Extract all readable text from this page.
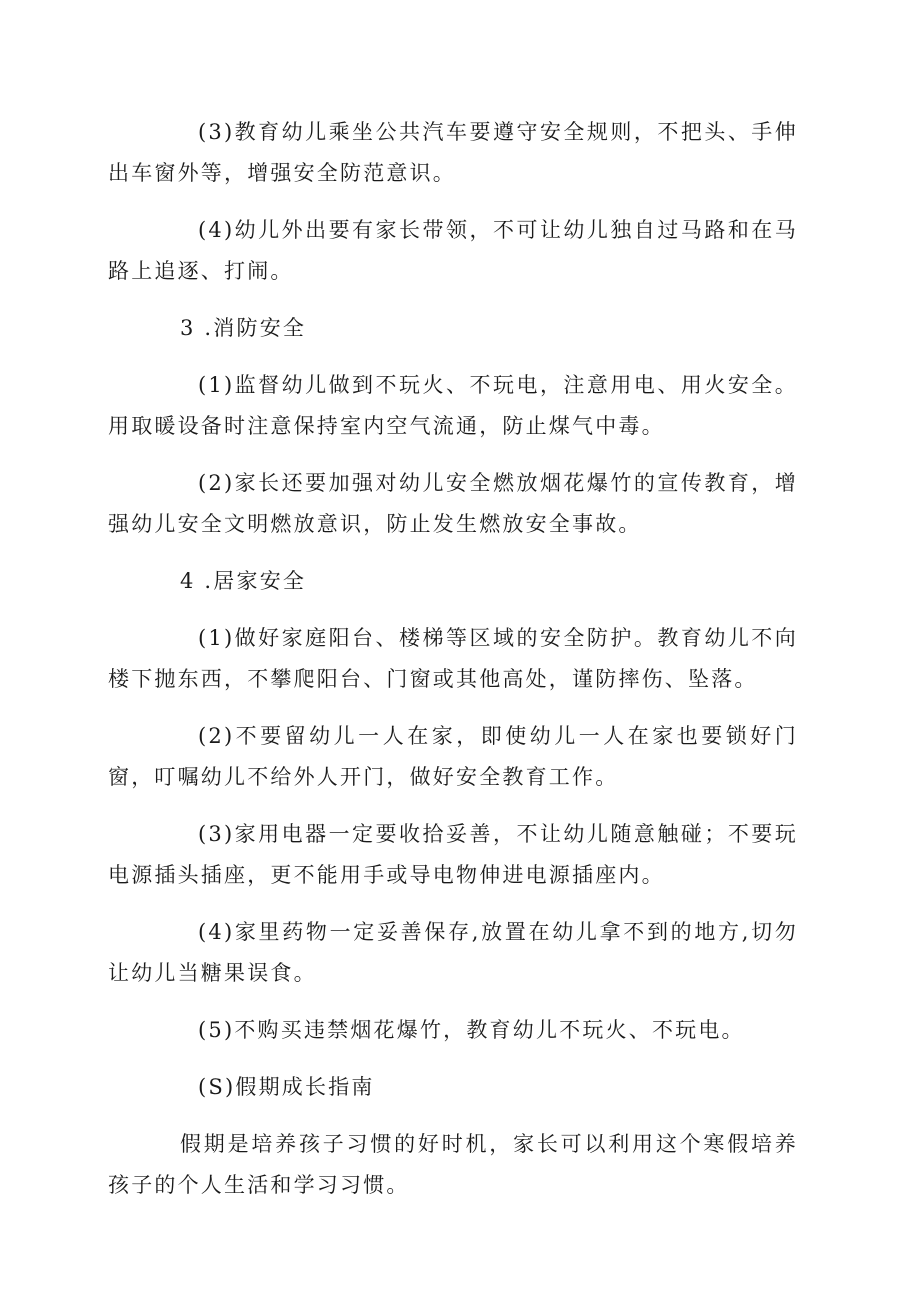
(3)教育幼儿乘坐公共汽车要遵守安全规则，不把头、手伸出车窗外等，增强安全防范意识。

(4)幼儿外出要有家长带领，不可让幼儿独自过马路和在马路上追逐、打闹。

3 .消防安全

(1)监督幼儿做到不玩火、不玩电，注意用电、用火安全。用取暖设备时注意保持室内空气流通，防止煤气中毒。

(2)家长还要加强对幼儿安全燃放烟花爆竹的宣传教育，增强幼儿安全文明燃放意识，防止发生燃放安全事故。

4 .居家安全

(1)做好家庭阳台、楼梯等区域的安全防护。教育幼儿不向楼下抛东西，不攀爬阳台、门窗或其他高处，谨防摔伤、坠落。

(2)不要留幼儿一人在家，即使幼儿一人在家也要锁好门窗，叮嘱幼儿不给外人开门，做好安全教育工作。

(3)家用电器一定要收拾妥善，不让幼儿随意触碰；不要玩电源插头插座，更不能用手或导电物伸进电源插座内。

(4)家里药物一定妥善保存,放置在幼儿拿不到的地方,切勿让幼儿当糖果误食。

(5)不购买违禁烟花爆竹，教育幼儿不玩火、不玩电。

(S)假期成长指南

假期是培养孩子习惯的好时机，家长可以利用这个寒假培养孩子的个人生活和学习习惯。
